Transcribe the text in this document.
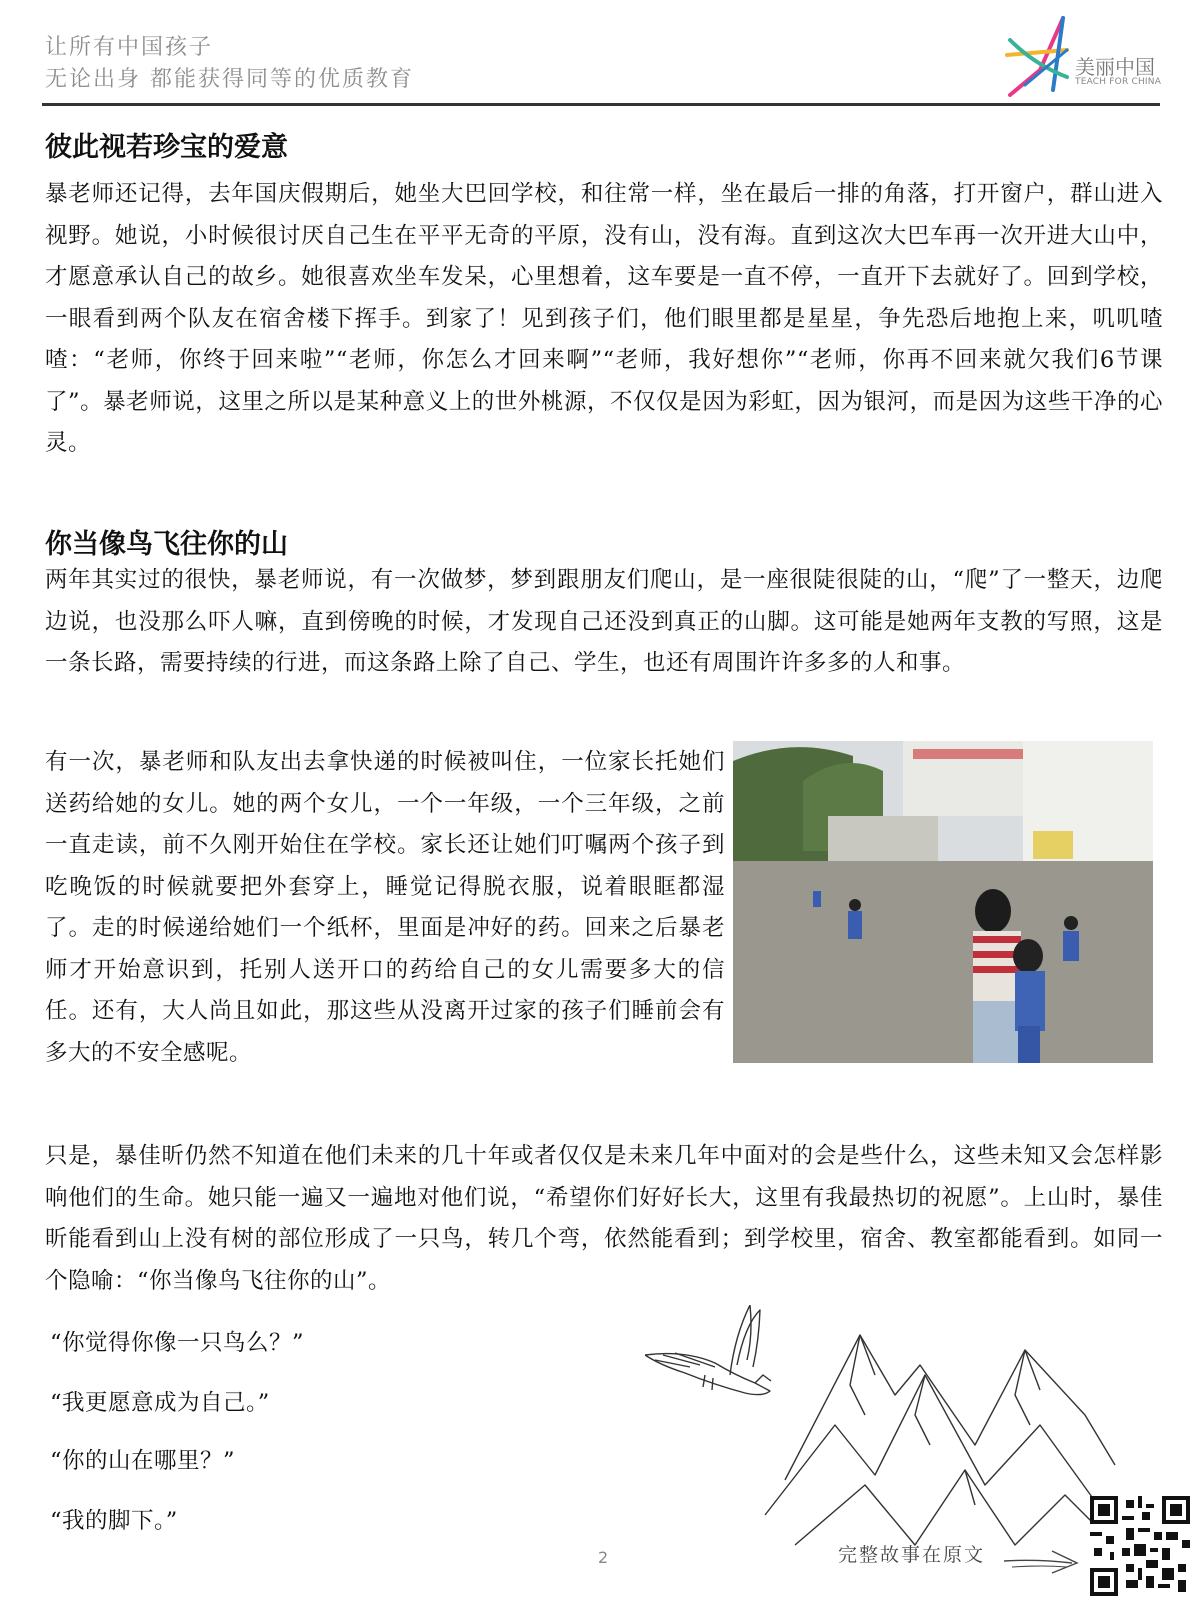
让所有中国孩子
无论出身 都能获得同等的优质教育	美丽中国
TEACH FOR CHINA
彼此视若珍宝的爱意

暴老师还记得，去年国庆假期后，她坐大巴回学校，和往常一样，坐在最后一排的角落，打开窗户，群山进入视野。她说，小时候很讨厌自己生在平平无奇的平原，没有山，没有海。直到这次大巴车再一次开进大山中，才愿意承认自己的故乡。她很喜欢坐车发呆，心里想着，这车要是一直不停，一直开下去就好了。回到学校，一眼看到两个队友在宿舍楼下挥手。到家了！见到孩子们，他们眼里都是星星，争先恐后地抱上来，叽叽喳喳：“老师，你终于回来啦”“老师，你怎么才回来啊”“老师，我好想你”“老师，你再不回来就欠我们6节课了”。暴老师说，这里之所以是某种意义上的世外桃源，不仅仅是因为彩虹，因为银河，而是因为这些干净的心灵。

你当像鸟飞往你的山

两年其实过的很快，暴老师说，有一次做梦，梦到跟朋友们爬山，是一座很陡很陡的山，“爬”了一整天，边爬边说，也没那么吓人嘛，直到傍晚的时候，才发现自己还没到真正的山脚。这可能是她两年支教的写照，这是一条长路，需要持续的行进，而这条路上除了自己、学生，也还有周围许许多多的人和事。

有一次，暴老师和队友出去拿快递的时候被叫住，一位家长托她们送药给她的女儿。她的两个女儿，一个一年级，一个三年级，之前一直走读，前不久刚开始住在学校。家长还让她们叮嘱两个孩子到吃晚饭的时候就要把外套穿上，睡觉记得脱衣服，说着眼眶都湿了。走的时候递给她们一个纸杯，里面是冲好的药。回来之后暴老师才开始意识到，托别人送开口的药给自己的女儿需要多大的信任。还有，大人尚且如此，那这些从没离开过家的孩子们睡前会有多大的不安全感呢。

只是，暴佳昕仍然不知道在他们未来的几十年或者仅仅是未来几年中面对的会是些什么，这些未知又会怎样影响他们的生命。她只能一遍又一遍地对他们说，“希望你们好好长大，这里有我最热切的祝愿”。上山时，暴佳昕能看到山上没有树的部位形成了一只鸟，转几个弯，依然能看到；到学校里，宿舍、教室都能看到。如同一个隐喻：“你当像鸟飞往你的山”。

“你觉得你像一只鸟么？”

“我更愿意成为自己。”

“你的山在哪里？”

“我的脚下。”

2	完整故事在原文
